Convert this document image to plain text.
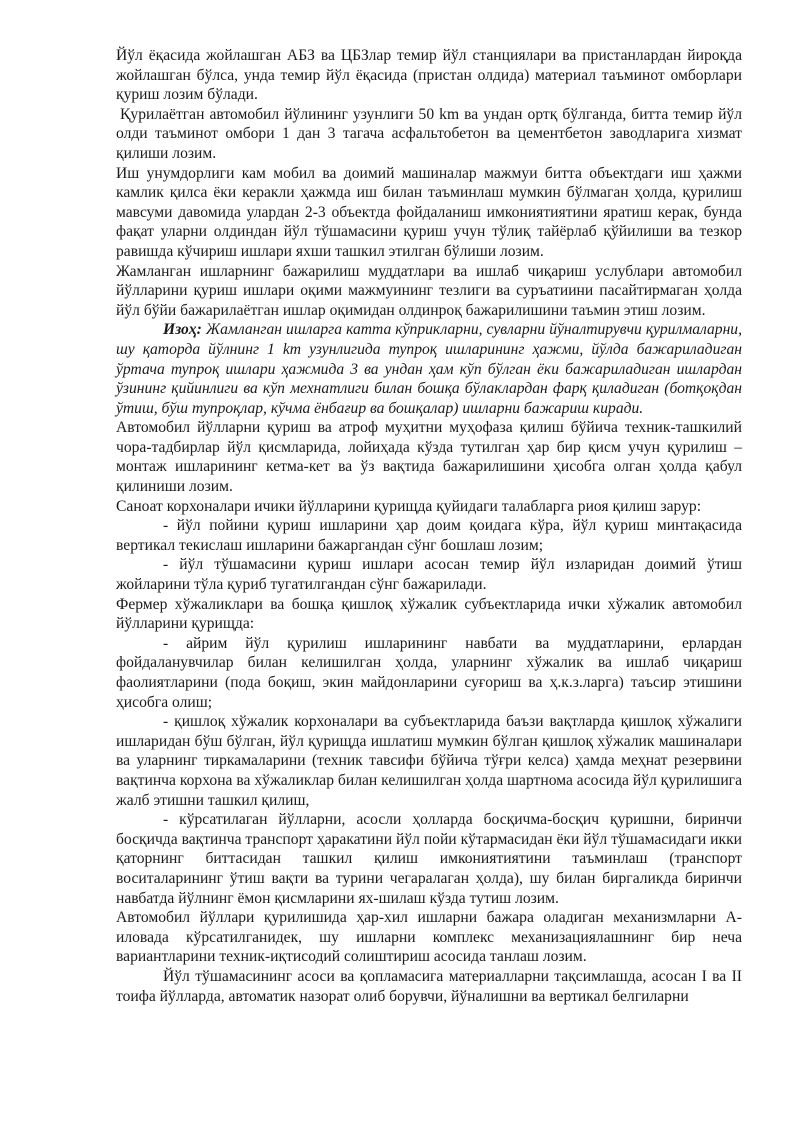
Йўл ёқасида жойлашган АБЗ ва ЦБЗлар темир йўл станциялари ва пристанлардан йироқда жойлашган бўлса, унда темир йўл ёқасида (пристан олдида) материал таъминот омборлари қуриш лозим бўлади.

Қурилаётган автомобил йўлининг узунлиги 50 km ва ундан ортқ бўлганда, битта темир йўл олди таъминот омбори 1 дан 3 тагача асфальтобетон ва цементбетон заводларига хизмат қилиши лозим.

Иш унумдорлиги кам мобил ва доимий машиналар мажмуи битта объектдаги иш ҳажми камлик қилса ёки керакли ҳажмда иш билан таъминлаш мумкин бўлмаган ҳолда, қурилиш мавсуми давомида улардан 2-3 объектда фойдаланиш имкониятиятини яратиш керак, бунда фақат уларни олдиндан йўл тўшамасини қуриш учун тўлиқ тайёрлаб қўйилиши ва тезкор равишда кўчириш ишлари яхши ташкил этилган бўлиши лозим.

Жамланган ишларнинг бажарилиш муддатлари ва ишлаб чиқариш услублари автомобил йўлларини қуриш ишлари оқими мажмуининг тезлиги ва суръатиини пасайтирмаган ҳолда йўл бўйи бажарилаётган ишлар оқимидан олдинроқ бажарилишини таъмин этиш лозим.

Изоҳ: Жамланган ишларга катта кўприкларни, сувларни йўналтирувчи қурилмаларни, шу қаторда йўлнинг 1 km узунлигида тупроқ ишларининг ҳажми, йўлда бажариладиган ўртача тупроқ ишлари ҳажмида 3 ва ундан ҳам кўп бўлган ёки бажариладиган ишлардан ўзининг қийинлиги ва кўп мехнатлиги билан бошқа бўлаклардан фарқ қиладиган (ботқоқдан ўтиш, бўш тупроқлар, кўчма ёнбағир ва бошқалар) ишларни бажариш киради.

Автомобил йўлларни қуриш ва атроф муҳитни муҳофаза қилиш бўйича техник-ташкилий чора-тадбирлар йўл қисмларида, лойиҳада кўзда тутилган ҳар бир қисм учун қурилиш – монтаж ишларининг кетма-кет ва ўз вақтида бажарилишини ҳисобга олган ҳолда қабул қилиниши лозим.

Саноат корхоналари ичики йўлларини қурищда қуйидаги талабларга риоя қилиш зарур:

- йўл пойини қуриш ишларини ҳар доим қоидага кўра, йўл қуриш минтақасида вертикал текислаш ишларини бажаргандан сўнг бошлаш лозим;

- йўл тўшамасини қуриш ишлари асосан темир йўл изларидан доимий ўтиш жойларини тўла қуриб тугатилгандан сўнг бажарилади.

Фермер хўжаликлари ва бошқа қишлоқ хўжалик субъектларида ички хўжалик автомобил йўлларини қурищда:

- айрим йўл қурилиш ишларининг навбати ва муддатларини, ерлардан фойдаланувчилар билан келишилган ҳолда, уларнинг хўжалик ва ишлаб чиқариш фаолиятларини (пода боқиш, экин майдонларини суғориш ва ҳ.к.з.ларга) таъсир этишини ҳисобга олиш;

- қишлоқ хўжалик корхоналари ва субъектларида баъзи вақтларда қишлоқ хўжалиги ишларидан бўш бўлган, йўл қурищда ишлатиш мумкин бўлган қишлоқ хўжалик машиналари ва уларнинг тиркамаларини (техник тавсифи бўйича тўғри келса) ҳамда меҳнат резервини вақтинча корхона ва хўжаликлар билан келишилган ҳолда шартнома асосида йўл қурилишига жалб этишни ташкил қилиш,

- кўрсатилаган йўлларни, асосли ҳолларда босқичма-босқич қуришни, биринчи босқичда вақтинча транспорт ҳаракатини йўл пойи кўтармасидан ёки йўл тўшамасидаги икки қаторнинг биттасидан ташкил қилиш имкониятиятини таъминлаш (транспорт воситаларининг ўтиш вақти ва турини чегаралаган ҳолда), шу билан биргаликда биринчи навбатда йўлнинг ёмон қисмларини ях-шилаш кўзда тутиш лозим.

Автомобил йўллари қурилишида ҳар-хил ишларни бажара оладиган механизмларни А-иловада кўрсатилганидек, шу ишларни комплекс механизациялашнинг бир неча вариантларини техник-иқтисодий солиштириш асосида танлаш лозим.

Йўл тўшамасининг асоси ва қопламасига материалларни тақсимлашда, асосан I ва II тоифа йўлларда, автоматик назорат олиб борувчи, йўналишни ва вертикал белгиларни
